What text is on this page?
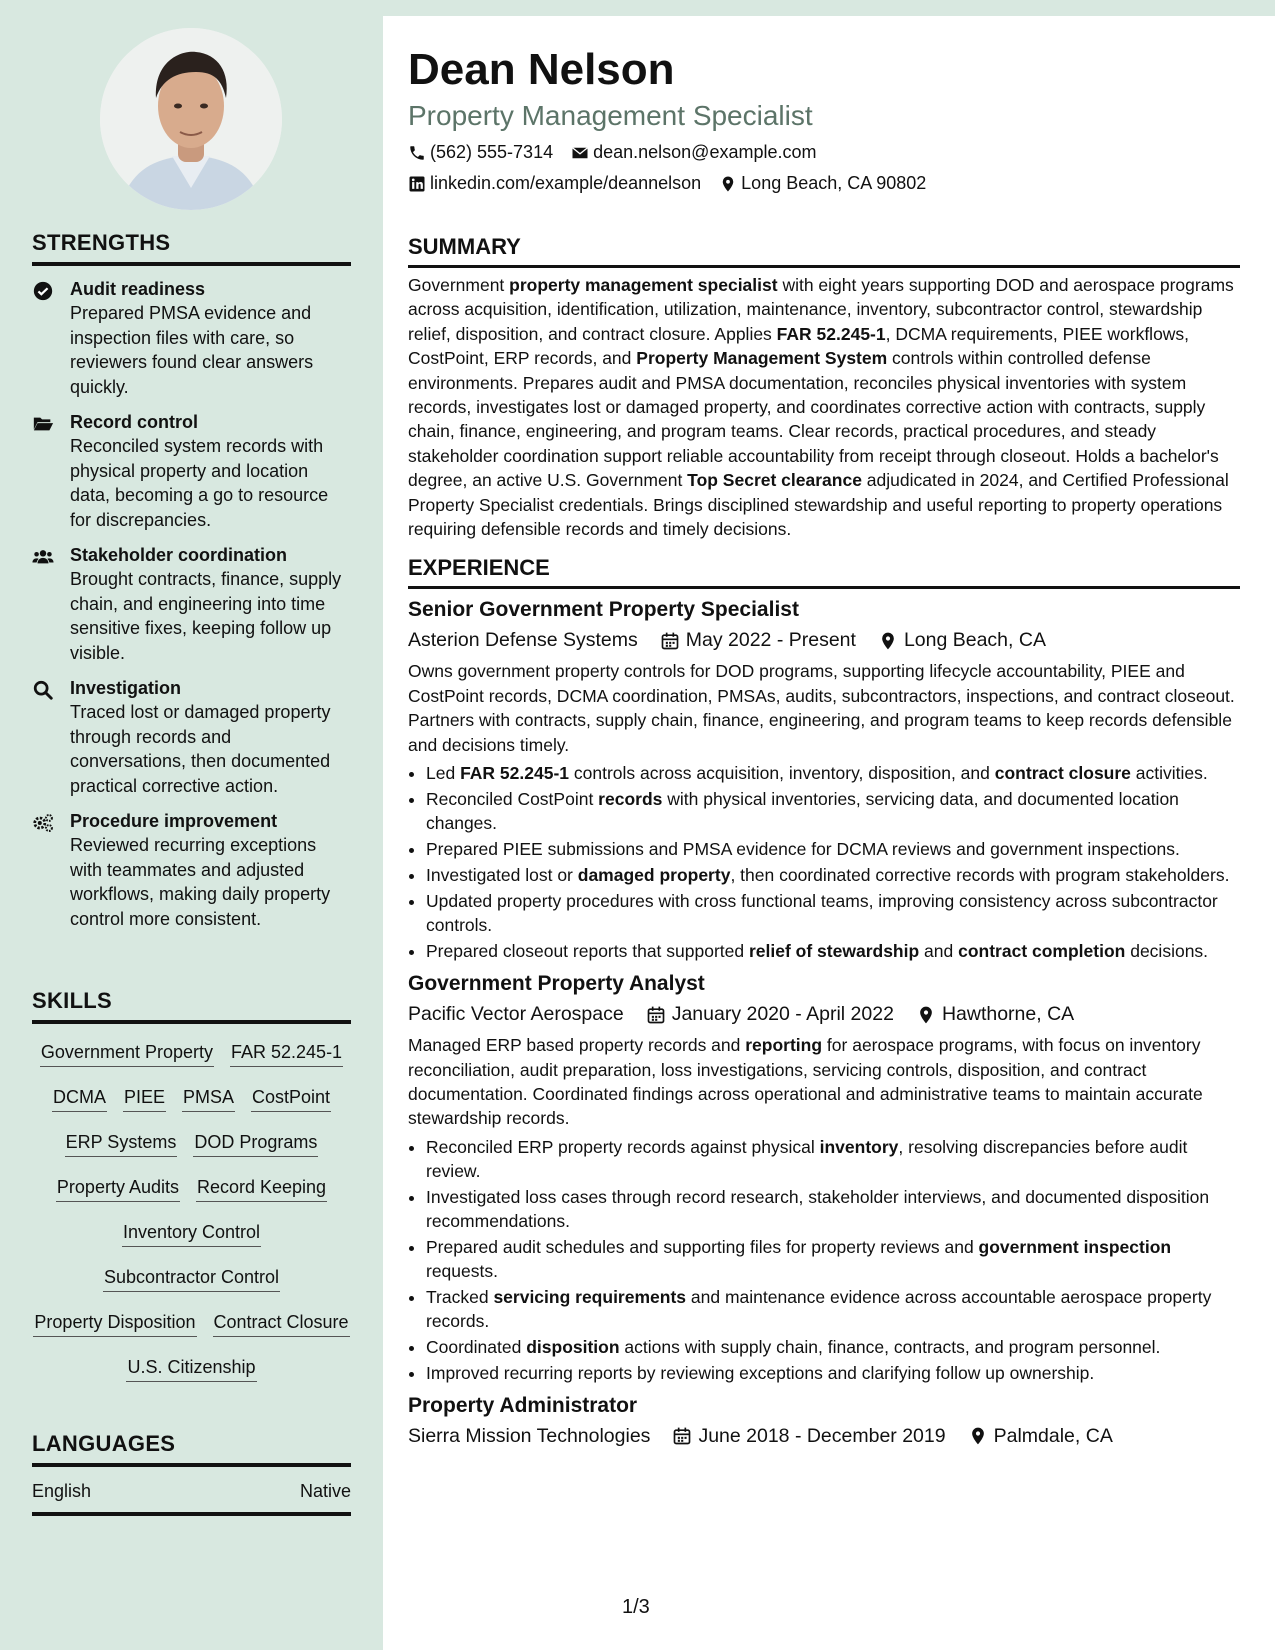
STRENGTHS
Audit readiness
Prepared PMSA evidence and inspection files with care, so reviewers found clear answers quickly.
Record control
Reconciled system records with physical property and location data, becoming a go to resource for discrepancies.
Stakeholder coordination
Brought contracts, finance, supply chain, and engineering into time sensitive fixes, keeping follow up visible.
Investigation
Traced lost or damaged property through records and conversations, then documented practical corrective action.
Procedure improvement
Reviewed recurring exceptions with teammates and adjusted workflows, making daily property control more consistent.
SKILLS
Government Property FAR 52.245-1
DCMA PIEE PMSA CostPoint
ERP Systems DOD Programs
Property Audits Record Keeping
Inventory Control
Subcontractor Control
Property Disposition Contract Closure
U.S. Citizenship
LANGUAGES
English	Native
Dean Nelson
Property Management Specialist
(562) 555-7314 dean.nelson@example.com
linkedin.com/example/deannelson Long Beach, CA 90802
SUMMARY

Government property management specialist with eight years supporting DOD and aerospace programs across acquisition, identification, utilization, maintenance, inventory, subcontractor control, stewardship relief, disposition, and contract closure. Applies FAR 52.245-1, DCMA requirements, PIEE workflows, CostPoint, ERP records, and Property Management System controls within controlled defense environments. Prepares audit and PMSA documentation, reconciles physical inventories with system records, investigates lost or damaged property, and coordinates corrective action with contracts, supply chain, finance, engineering, and program teams. Clear records, practical procedures, and steady stakeholder coordination support reliable accountability from receipt through closeout. Holds a bachelor's degree, an active U.S. Government Top Secret clearance adjudicated in 2024, and Certified Professional Property Specialist credentials. Brings disciplined stewardship and useful reporting to property operations requiring defensible records and timely decisions.

EXPERIENCE
Senior Government Property Specialist
Asterion Defense Systems May 2022 - Present Long Beach, CA

Owns government property controls for DOD programs, supporting lifecycle accountability, PIEE and CostPoint records, DCMA coordination, PMSAs, audits, subcontractors, inspections, and contract closeout. Partners with contracts, supply chain, finance, engineering, and program teams to keep records defensible and decisions timely.

• Led FAR 52.245-1 controls across acquisition, inventory, disposition, and contract closure activities.
• Reconciled CostPoint records with physical inventories, servicing data, and documented location changes.
• Prepared PIEE submissions and PMSA evidence for DCMA reviews and government inspections.
• Investigated lost or damaged property, then coordinated corrective records with program stakeholders.
• Updated property procedures with cross functional teams, improving consistency across subcontractor controls.
• Prepared closeout reports that supported relief of stewardship and contract completion decisions.
Government Property Analyst
Pacific Vector Aerospace January 2020 - April 2022 Hawthorne, CA

Managed ERP based property records and reporting for aerospace programs, with focus on inventory reconciliation, audit preparation, loss investigations, servicing controls, disposition, and contract documentation. Coordinated findings across operational and administrative teams to maintain accurate stewardship records.

• Reconciled ERP property records against physical inventory, resolving discrepancies before audit review.
• Investigated loss cases through record research, stakeholder interviews, and documented disposition recommendations.
• Prepared audit schedules and supporting files for property reviews and government inspection requests.
• Tracked servicing requirements and maintenance evidence across accountable aerospace property records.
• Coordinated disposition actions with supply chain, finance, contracts, and program personnel.
• Improved recurring reports by reviewing exceptions and clarifying follow up ownership.
Property Administrator
Sierra Mission Technologies June 2018 - December 2019 Palmdale, CA
1/3
